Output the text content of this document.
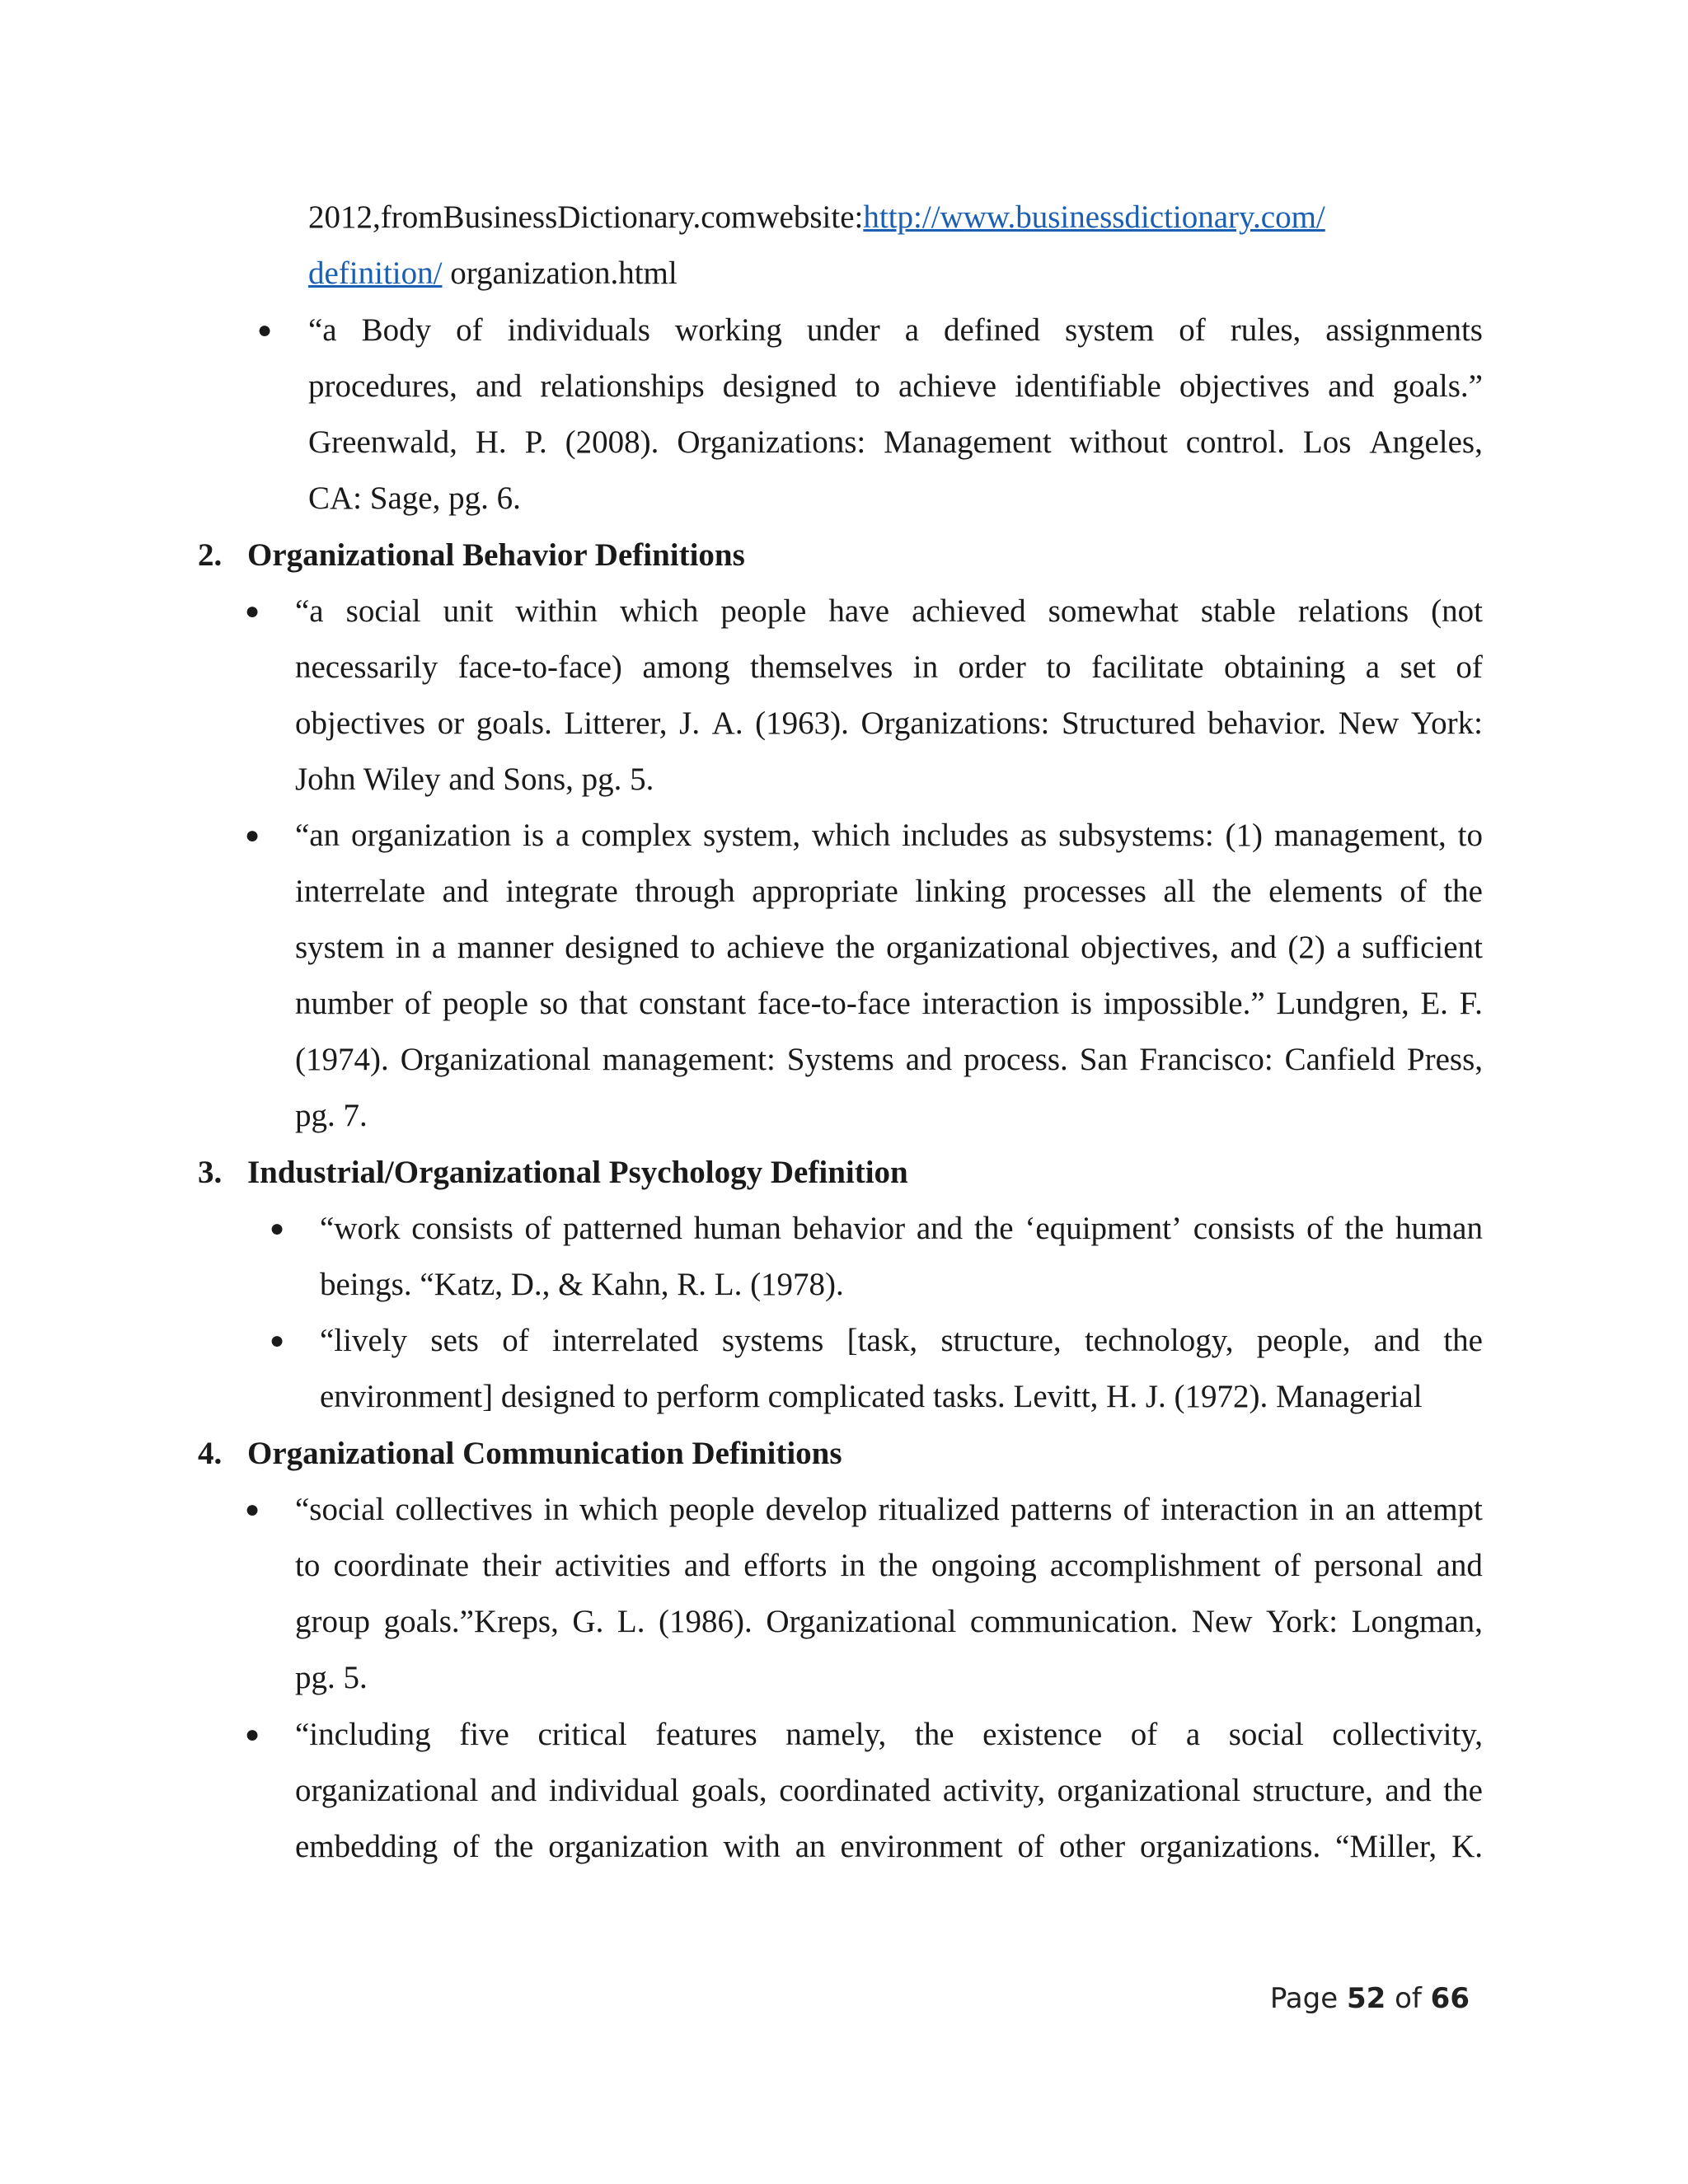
2012,fromBusinessDictionary.comwebsite:http://www.businessdictionary.com/
definition/ organization.html
● “a Body of individuals working under a defined system of rules, assignments
procedures, and relationships designed to achieve identifiable objectives and goals.”
Greenwald, H. P. (2008). Organizations: Management without control. Los Angeles,
CA: Sage, pg. 6.
2. Organizational Behavior Definitions
● “a social unit within which people have achieved somewhat stable relations (not
necessarily face-to-face) among themselves in order to facilitate obtaining a set of
objectives or goals. Litterer, J. A. (1963). Organizations: Structured behavior. New York:
John Wiley and Sons, pg. 5.
● “an organization is a complex system, which includes as subsystems: (1) management, to
interrelate and integrate through appropriate linking processes all the elements of the
system in a manner designed to achieve the organizational objectives, and (2) a sufficient
number of people so that constant face-to-face interaction is impossible.” Lundgren, E. F.
(1974). Organizational management: Systems and process. San Francisco: Canfield Press,
pg. 7.
3. Industrial/Organizational Psychology Definition
● “work consists of patterned human behavior and the ‘equipment’ consists of the human
beings. “Katz, D., & Kahn, R. L. (1978).
● “lively sets of interrelated systems [task, structure, technology, people, and the
environment] designed to perform complicated tasks. Levitt, H. J. (1972). Managerial
4. Organizational Communication Definitions
● “social collectives in which people develop ritualized patterns of interaction in an attempt
to coordinate their activities and efforts in the ongoing accomplishment of personal and
group goals.”Kreps, G. L. (1986). Organizational communication. New York: Longman,
pg. 5.
● “including five critical features namely, the existence of a social collectivity,
organizational and individual goals, coordinated activity, organizational structure, and the
embedding of the organization with an environment of other organizations. “Miller, K.
Page 52 of 66
